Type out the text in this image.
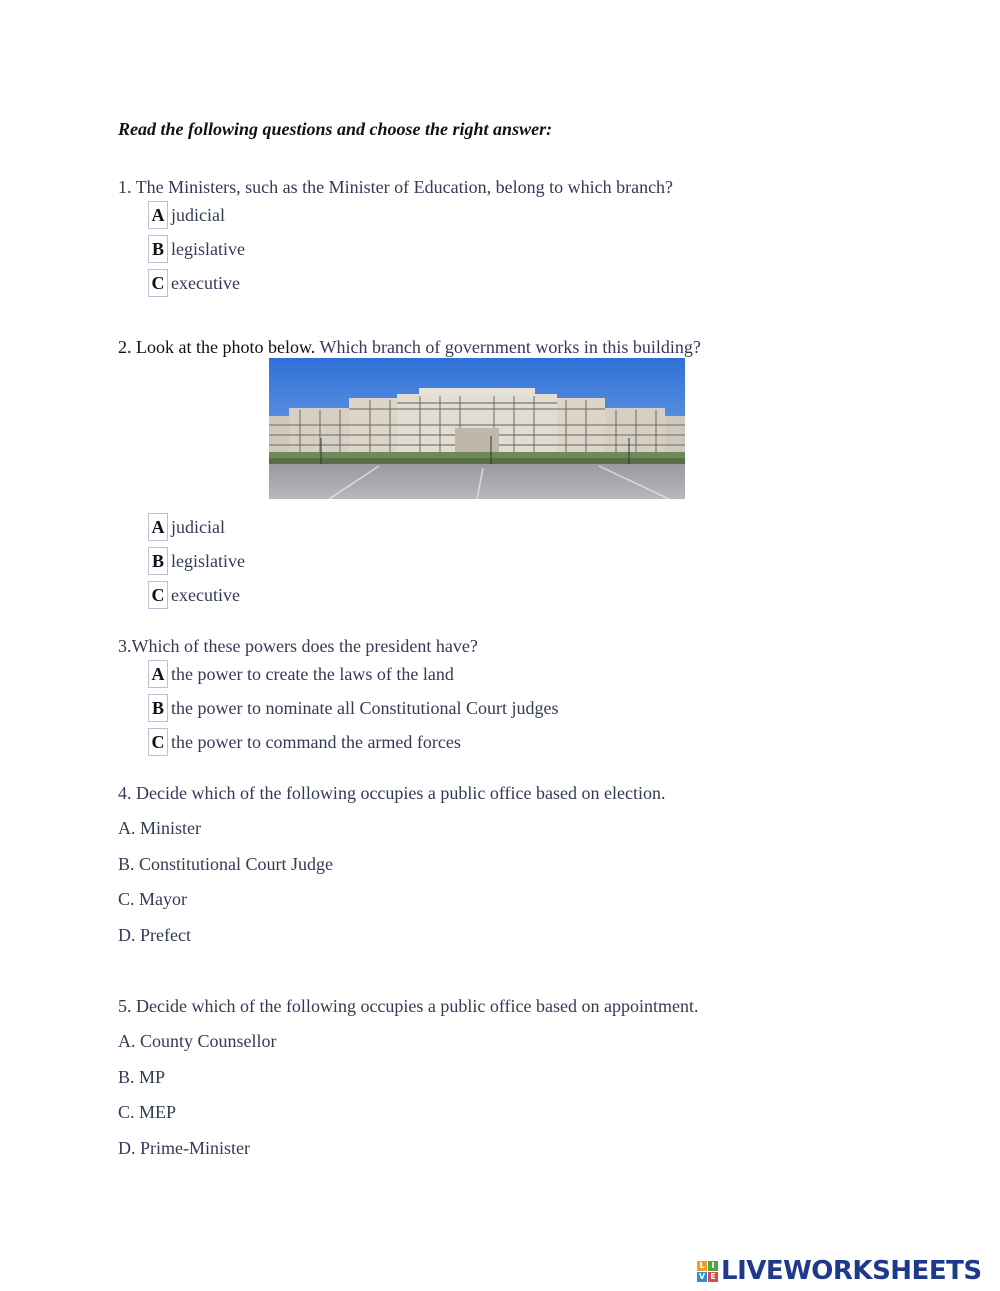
Read the following questions and choose the right answer:
1. The Ministers, such as the Minister of Education, belong to which branch?
A judicial
B legislative
C executive
2. Look at the photo below. Which branch of government works in this building?
A judicial
B legislative
C executive
3.Which of these powers does the president have?
A the power to create the laws of the land
B the power to nominate all Constitutional Court judges
C the power to command the armed forces
4. Decide which of the following occupies a public office based on election.
A. Minister
B. Constitutional Court Judge
C. Mayor
D. Prefect
5. Decide which of the following occupies a public office based on appointment.
A. County Counsellor
B. MP
C. MEP
D. Prime-Minister
L I
V E LIVEWORKSHEETS
